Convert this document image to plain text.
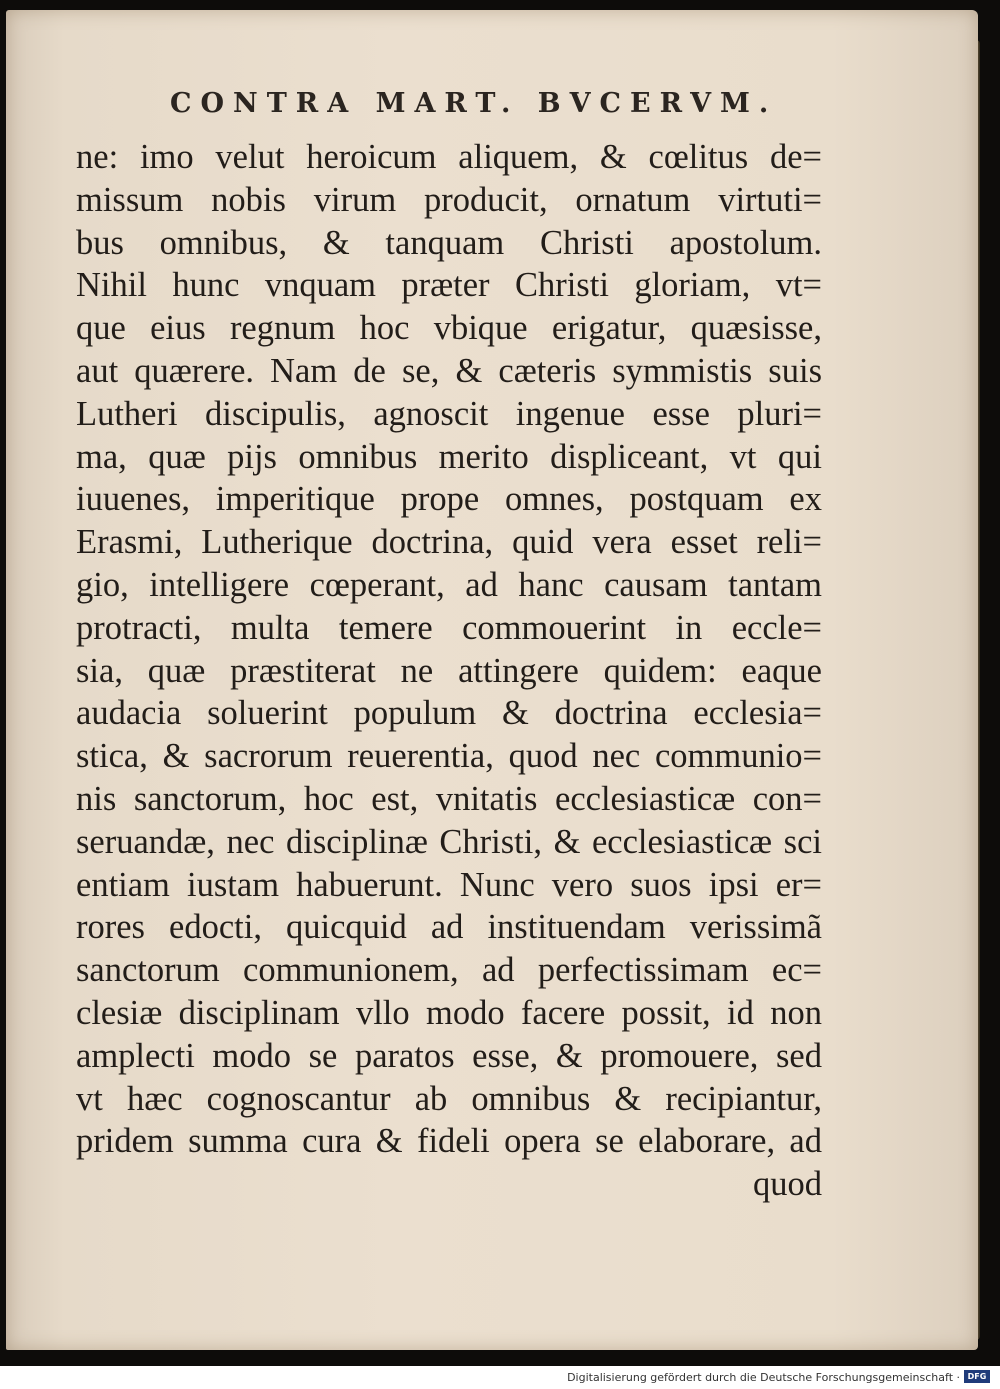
CONTRA MART. BVCERVM.
ne: imo velut heroicum aliquem, & cœlitus de=
missum nobis virum producit, ornatum virtuti=
bus omnibus, & tanquam Christi apostolum.
Nihil hunc vnquam præter Christi gloriam, vt=
que eius regnum hoc vbique erigatur, quæsisse,
aut quærere. Nam de se, & cæteris symmistis suis
Lutheri discipulis, agnoscit ingenue esse pluri=
ma, quæ pijs omnibus merito displiceant, vt qui
iuuenes, imperitique prope omnes, postquam ex
Erasmi, Lutherique doctrina, quid vera esset reli=
gio, intelligere cœperant, ad hanc causam tantam
protracti, multa temere commouerint in eccle=
sia, quæ præstiterat ne attingere quidem: eaque
audacia soluerint populum & doctrina ecclesia=
stica, & sacrorum reuerentia, quod nec communio=
nis sanctorum, hoc est, vnitatis ecclesiasticæ con=
seruandæ, nec disciplinæ Christi, & ecclesiasticæ sci
entiam iustam habuerunt. Nunc vero suos ipsi er=
rores edocti, quicquid ad instituendam verissimã
sanctorum communionem, ad perfectissimam ec=
clesiæ disciplinam vllo modo facere possit, id non
amplecti modo se paratos esse, & promouere, sed
vt hæc cognoscantur ab omnibus & recipiantur,
pridem summa cura & fideli opera se elaborare, ad
quod
Digitalisierung gefördert durch die Deutsche Forschungsgemeinschaft · DFG
